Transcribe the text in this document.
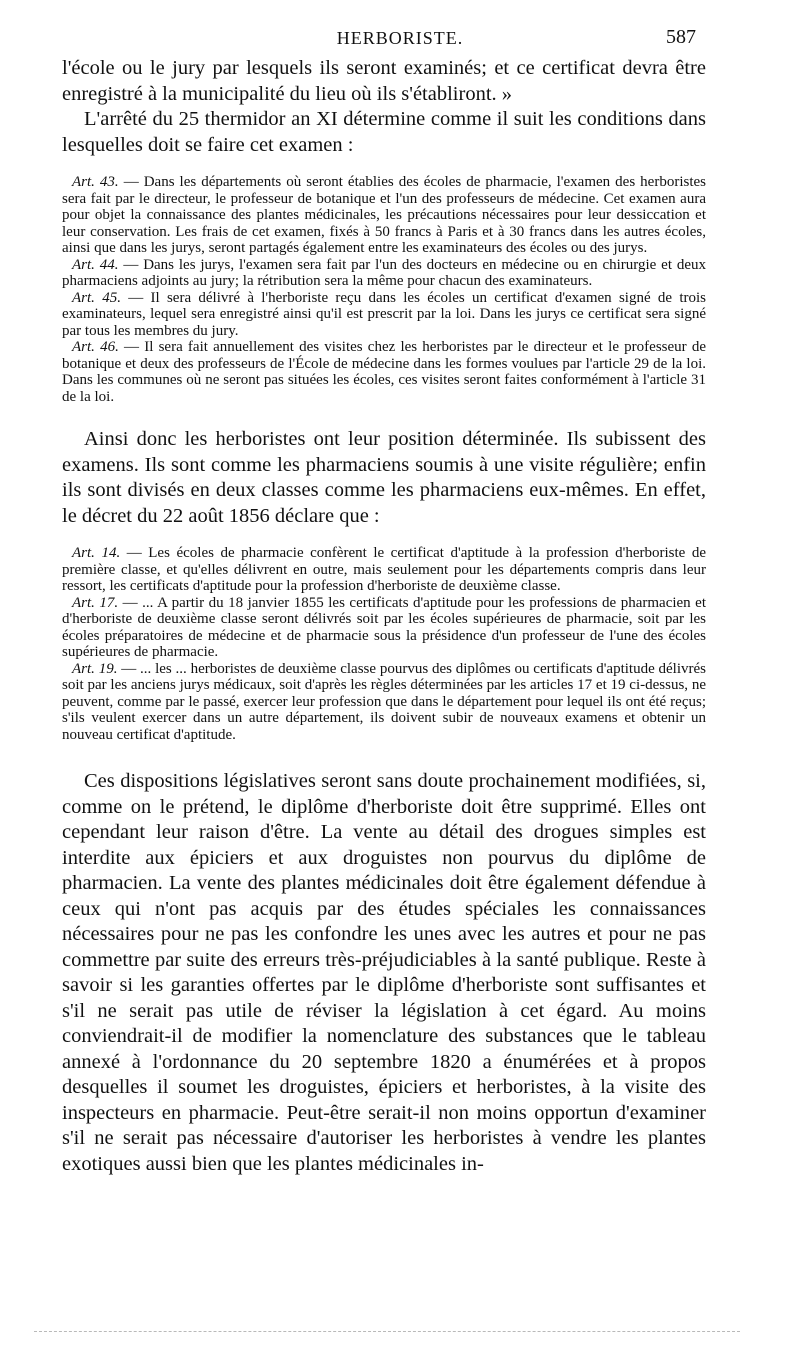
HERBORISTE.	587

l'école ou le jury par lesquels ils seront examinés; et ce certificat devra être enregistré à la municipalité du lieu où ils s'établiront. »

L'arrêté du 25 thermidor an XI détermine comme il suit les conditions dans lesquelles doit se faire cet examen :

Art. 43. — Dans les départements où seront établies des écoles de pharmacie, l'examen des herboristes sera fait par le directeur, le professeur de botanique et l'un des professeurs de médecine. Cet examen aura pour objet la connaissance des plantes médicinales, les précautions nécessaires pour leur dessiccation et leur conservation. Les frais de cet examen, fixés à 50 francs à Paris et à 30 francs dans les autres écoles, ainsi que dans les jurys, seront partagés également entre les examinateurs des écoles ou des jurys.

Art. 44. — Dans les jurys, l'examen sera fait par l'un des docteurs en médecine ou en chirurgie et deux pharmaciens adjoints au jury; la rétribution sera la même pour chacun des examinateurs.

Art. 45. — Il sera délivré à l'herboriste reçu dans les écoles un certificat d'examen signé de trois examinateurs, lequel sera enregistré ainsi qu'il est prescrit par la loi. Dans les jurys ce certificat sera signé par tous les membres du jury.

Art. 46. — Il sera fait annuellement des visites chez les herboristes par le directeur et le professeur de botanique et deux des professeurs de l'École de médecine dans les formes voulues par l'article 29 de la loi. Dans les communes où ne seront pas situées les écoles, ces visites seront faites conformément à l'article 31 de la loi.

Ainsi donc les herboristes ont leur position déterminée. Ils subissent des examens. Ils sont comme les pharmaciens soumis à une visite régulière; enfin ils sont divisés en deux classes comme les pharmaciens eux-mêmes. En effet, le décret du 22 août 1856 déclare que :

Art. 14. — Les écoles de pharmacie confèrent le certificat d'aptitude à la profession d'herboriste de première classe, et qu'elles délivrent en outre, mais seulement pour les départements compris dans leur ressort, les certificats d'aptitude pour la profession d'herboriste de deuxième classe.

Art. 17. — ... A partir du 18 janvier 1855 les certificats d'aptitude pour les professions de pharmacien et d'herboriste de deuxième classe seront délivrés soit par les écoles supérieures de pharmacie, soit par les écoles préparatoires de médecine et de pharmacie sous la présidence d'un professeur de l'une des écoles supérieures de pharmacie.

Art. 19. — ... les ... herboristes de deuxième classe pourvus des diplômes ou certificats d'aptitude délivrés soit par les anciens jurys médicaux, soit d'après les règles déterminées par les articles 17 et 19 ci-dessus, ne peuvent, comme par le passé, exercer leur profession que dans le département pour lequel ils ont été reçus; s'ils veulent exercer dans un autre département, ils doivent subir de nouveaux examens et obtenir un nouveau certificat d'aptitude.

Ces dispositions législatives seront sans doute prochainement modifiées, si, comme on le prétend, le diplôme d'herboriste doit être supprimé. Elles ont cependant leur raison d'être. La vente au détail des drogues simples est interdite aux épiciers et aux droguistes non pourvus du diplôme de pharmacien. La vente des plantes médicinales doit être également défendue à ceux qui n'ont pas acquis par des études spéciales les connaissances nécessaires pour ne pas les confondre les unes avec les autres et pour ne pas commettre par suite des erreurs très-préjudiciables à la santé publique. Reste à savoir si les garanties offertes par le diplôme d'herboriste sont suffisantes et s'il ne serait pas utile de réviser la législation à cet égard. Au moins conviendrait-il de modifier la nomenclature des substances que le tableau annexé à l'ordonnance du 20 septembre 1820 a énumérées et à propos desquelles il soumet les droguistes, épiciers et herboristes, à la visite des inspecteurs en pharmacie. Peut-être serait-il non moins opportun d'examiner s'il ne serait pas nécessaire d'autoriser les herboristes à vendre les plantes exotiques aussi bien que les plantes médicinales in-
